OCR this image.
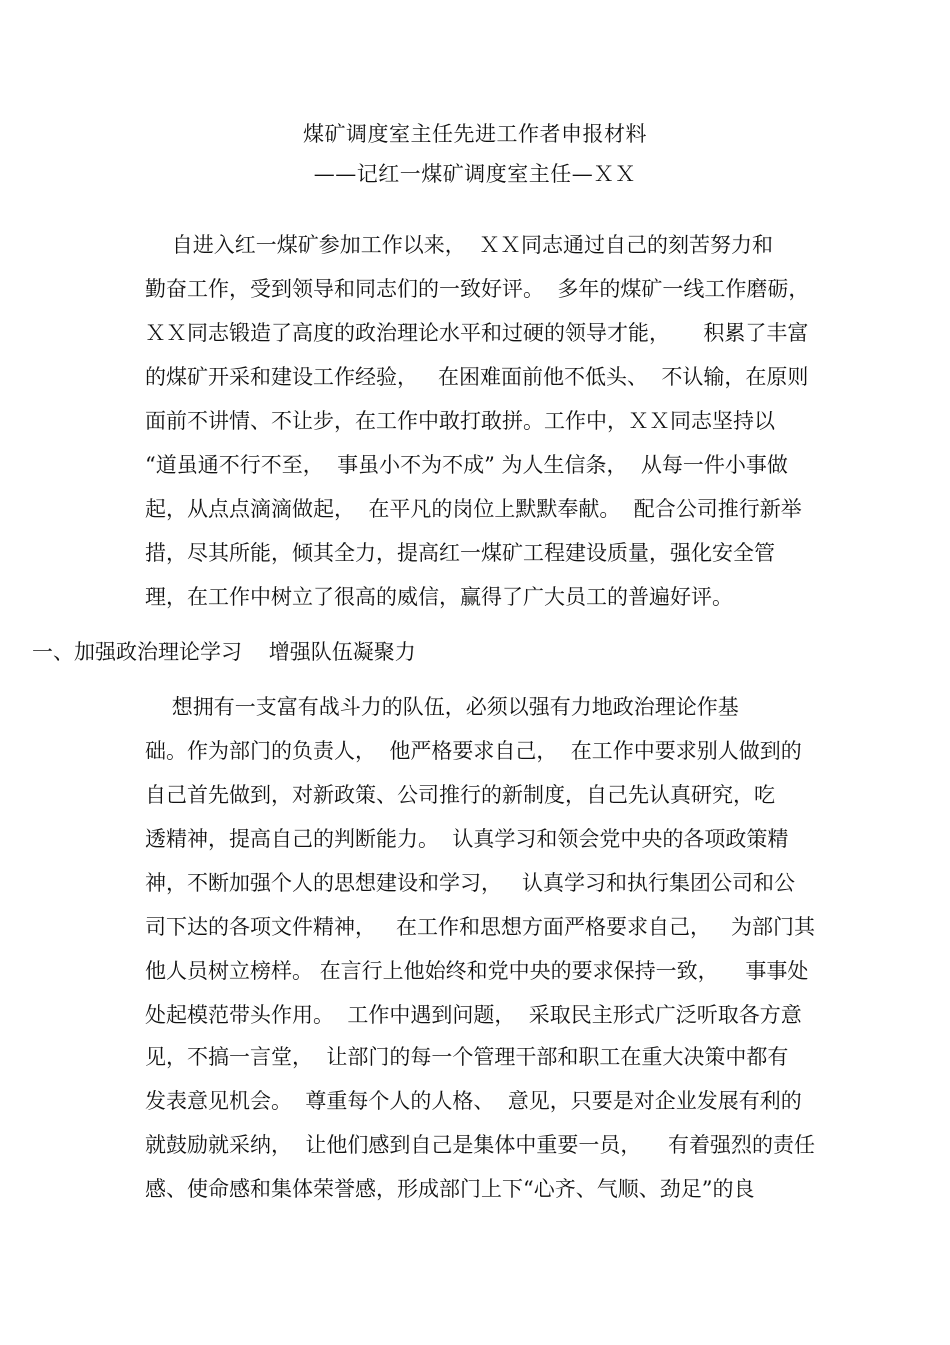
煤矿调度室主任先进工作者申报材料
——记红一煤矿调度室主任—ＸＸ
自进入红一煤矿参加工作以来，  ＸＸ同志通过自己的刻苦努力和
勤奋工作，受到领导和同志们的一致好评。  多年的煤矿一线工作磨砺，
ＸＸ同志锻造了高度的政治理论水平和过硬的领导才能，     积累了丰富
的煤矿开采和建设工作经验，   在困难面前他不低头、  不认输，在原则
面前不讲情、不让步，在工作中敢打敢拼。工作中，ＸＸ同志坚持以
“道虽通不行不至，  事虽小不为不成” 为人生信条，  从每一件小事做
起，从点点滴滴做起，  在平凡的岗位上默默奉献。  配合公司推行新举
措，尽其所能，倾其全力，提高红一煤矿工程建设质量，强化安全管
理，在工作中树立了很高的威信，赢得了广大员工的普遍好评。
一、加强政治理论学习    增强队伍凝聚力
想拥有一支富有战斗力的队伍，必须以强有力地政治理论作基
础。作为部门的负责人，  他严格要求自己，  在工作中要求别人做到的
自己首先做到，对新政策、公司推行的新制度，自己先认真研究，吃
透精神，提高自己的判断能力。  认真学习和领会党中央的各项政策精
神，不断加强个人的思想建设和学习，   认真学习和执行集团公司和公
司下达的各项文件精神，   在工作和思想方面严格要求自己，   为部门其
他人员树立榜样。 在言行上他始终和党中央的要求保持一致，    事事处
处起模范带头作用。  工作中遇到问题，  采取民主形式广泛听取各方意
见，不搞一言堂，  让部门的每一个管理干部和职工在重大决策中都有
发表意见机会。  尊重每个人的人格、  意见，只要是对企业发展有利的
就鼓励就采纳，  让他们感到自己是集体中重要一员，    有着强烈的责任
感、使命感和集体荣誉感，形成部门上下“心齐、气顺、劲足”的良
